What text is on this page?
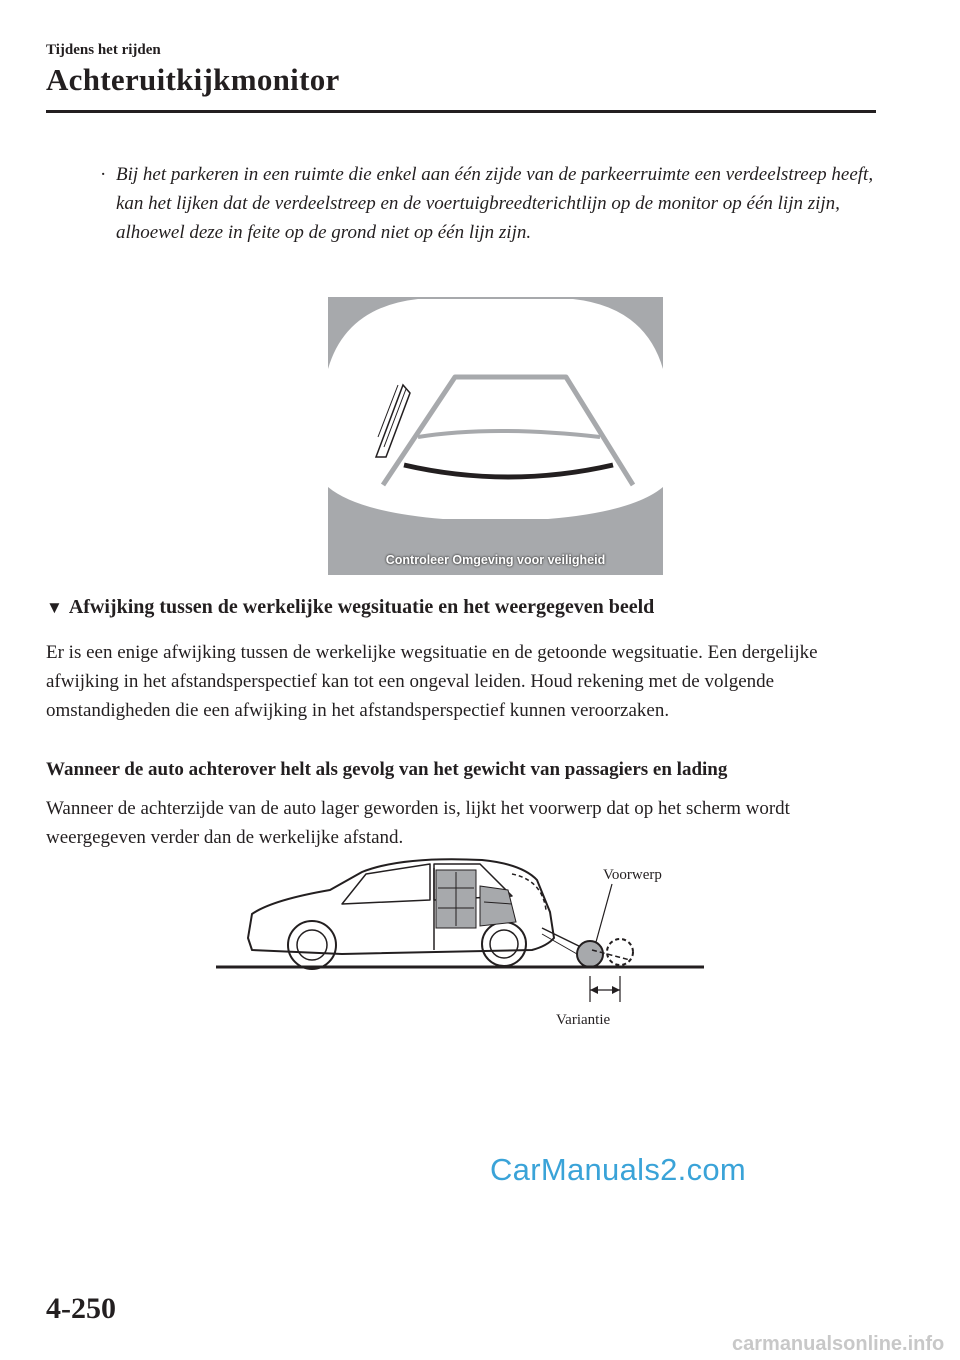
Tijdens het rijden
Achteruitkijkmonitor
· Bij het parkeren in een ruimte die enkel aan één zijde van de parkeerruimte een verdeelstreep heeft, kan het lijken dat de verdeelstreep en de voertuigbreedterichtlijn op de monitor op één lijn zijn, alhoewel deze in feite op de grond niet op één lijn zijn.
Controleer Omgeving voor veiligheid
▼ Afwijking tussen de werkelijke wegsituatie en het weergegeven beeld
Er is een enige afwijking tussen de werkelijke wegsituatie en de getoonde wegsituatie. Een dergelijke afwijking in het afstandsperspectief kan tot een ongeval leiden. Houd rekening met de volgende omstandigheden die een afwijking in het afstandsperspectief kunnen veroorzaken.
Wanneer de auto achterover helt als gevolg van het gewicht van passagiers en lading
Wanneer de achterzijde van de auto lager geworden is, lijkt het voorwerp dat op het scherm wordt weergegeven verder dan de werkelijke afstand.
Voorwerp
Variantie
CarManuals2.com
4-250
carmanualsonline.info
